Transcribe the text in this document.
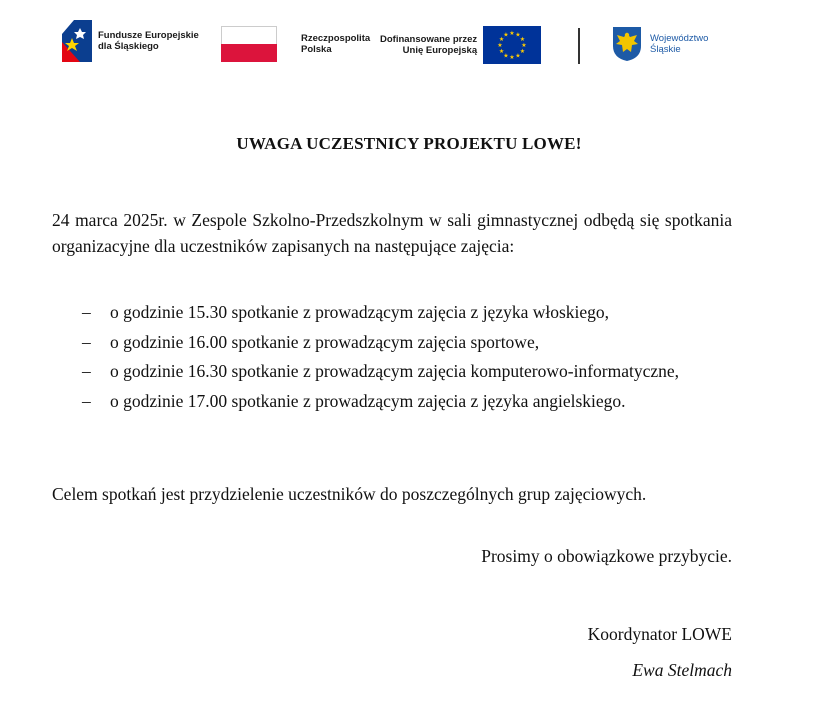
Fundusze Europejskie
dla Śląskiego
Rzeczpospolita
Polska
Dofinansowane przez
Unię Europejską
★ ★
★
★
★
★
★
★
★
★
★
★	Województwo
Śląskie
UWAGA UCZESTNICY PROJEKTU LOWE!
24 marca 2025r. w Zespole Szkolno-Przedszkolnym w sali gimnastycznej odbędą się spotkania organizacyjne dla uczestników zapisanych na następujące zajęcia:
– o godzinie 15.30 spotkanie z prowadzącym zajęcia z języka włoskiego,
– o godzinie 16.00 spotkanie z prowadzącym zajęcia sportowe,
– o godzinie 16.30 spotkanie z prowadzącym zajęcia komputerowo-informatyczne,
– o godzinie 17.00 spotkanie z prowadzącym zajęcia z języka angielskiego.
Celem spotkań jest przydzielenie uczestników do poszczególnych grup zajęciowych.
Prosimy o obowiązkowe przybycie.
Koordynator LOWE
Ewa Stelmach
